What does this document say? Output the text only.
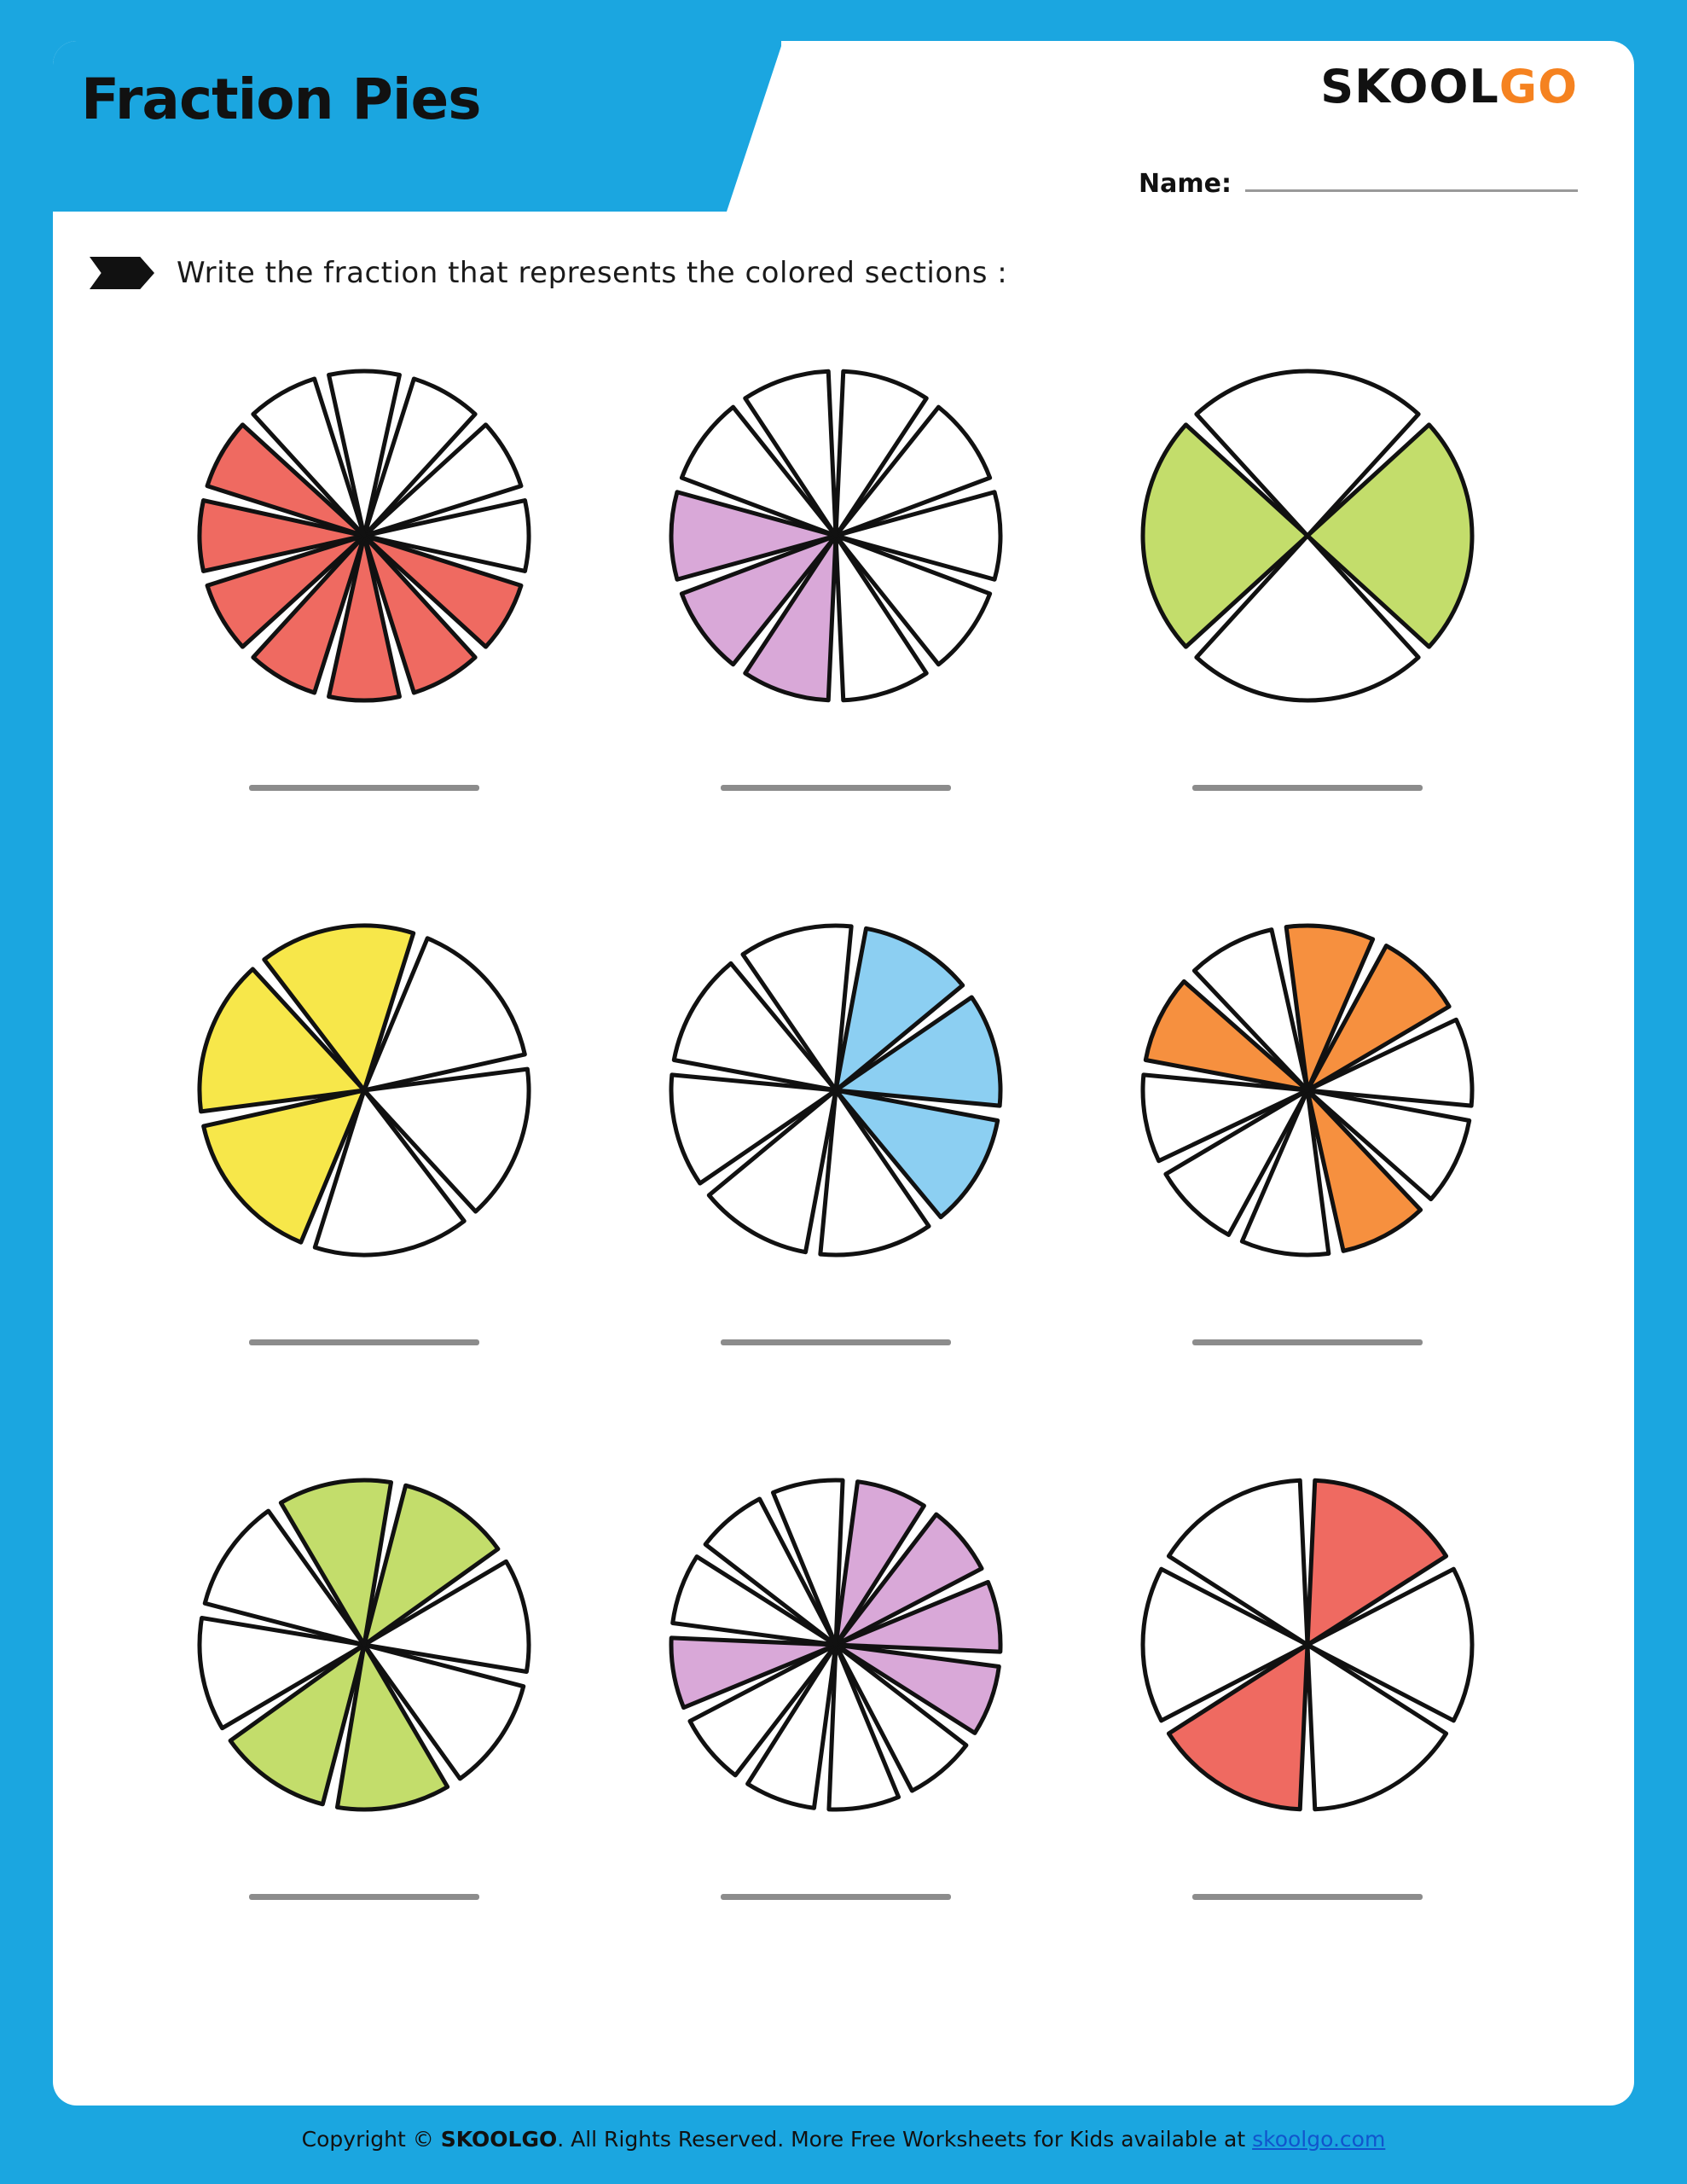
Fraction Pies	SKOOLGO
Name:
Write the fraction that represents the colored sections :
Copyright © SKOOLGO. All Rights Reserved. More Free Worksheets for Kids available at skoolgo.com
